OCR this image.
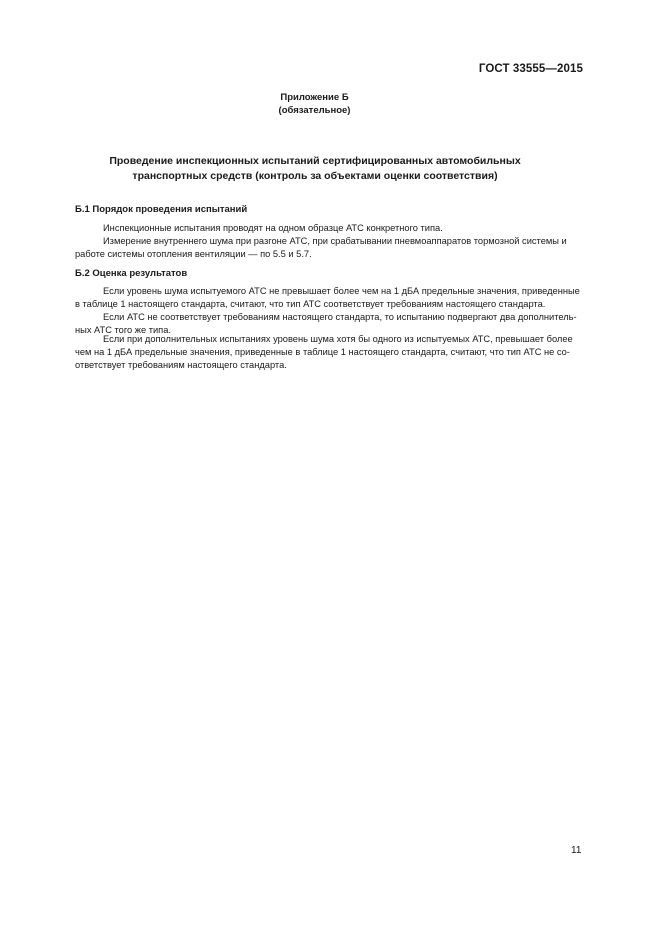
ГОСТ 33555—2015
Приложение Б
(обязательное)
Проведение инспекционных испытаний сертифицированных автомобильных
транспортных средств (контроль за объектами оценки соответствия)
Б.1 Порядок проведения испытаний
Инспекционные испытания проводят на одном образце АТС конкретного типа.
Измерение внутреннего шума при разгоне АТС, при срабатывании пневмоаппаратов тормозной системы и
работе системы отопления вентиляции — по 5.5 и 5.7.
Б.2 Оценка результатов
Если уровень шума испытуемого АТС не превышает более чем на 1 дБА предельные значения, приведенные
в таблице 1 настоящего стандарта, считают, что тип АТС соответствует требованиям настоящего стандарта.
Если АТС не соответствует требованиям настоящего стандарта, то испытанию подвергают два дополнитель-
ных АТС того же типа.
Если при дополнительных испытаниях уровень шума хотя бы одного из испытуемых АТС, превышает более
чем на 1 дБА предельные значения, приведенные в таблице 1 настоящего стандарта, считают, что тип АТС не со-
ответствует требованиям настоящего стандарта.
11
